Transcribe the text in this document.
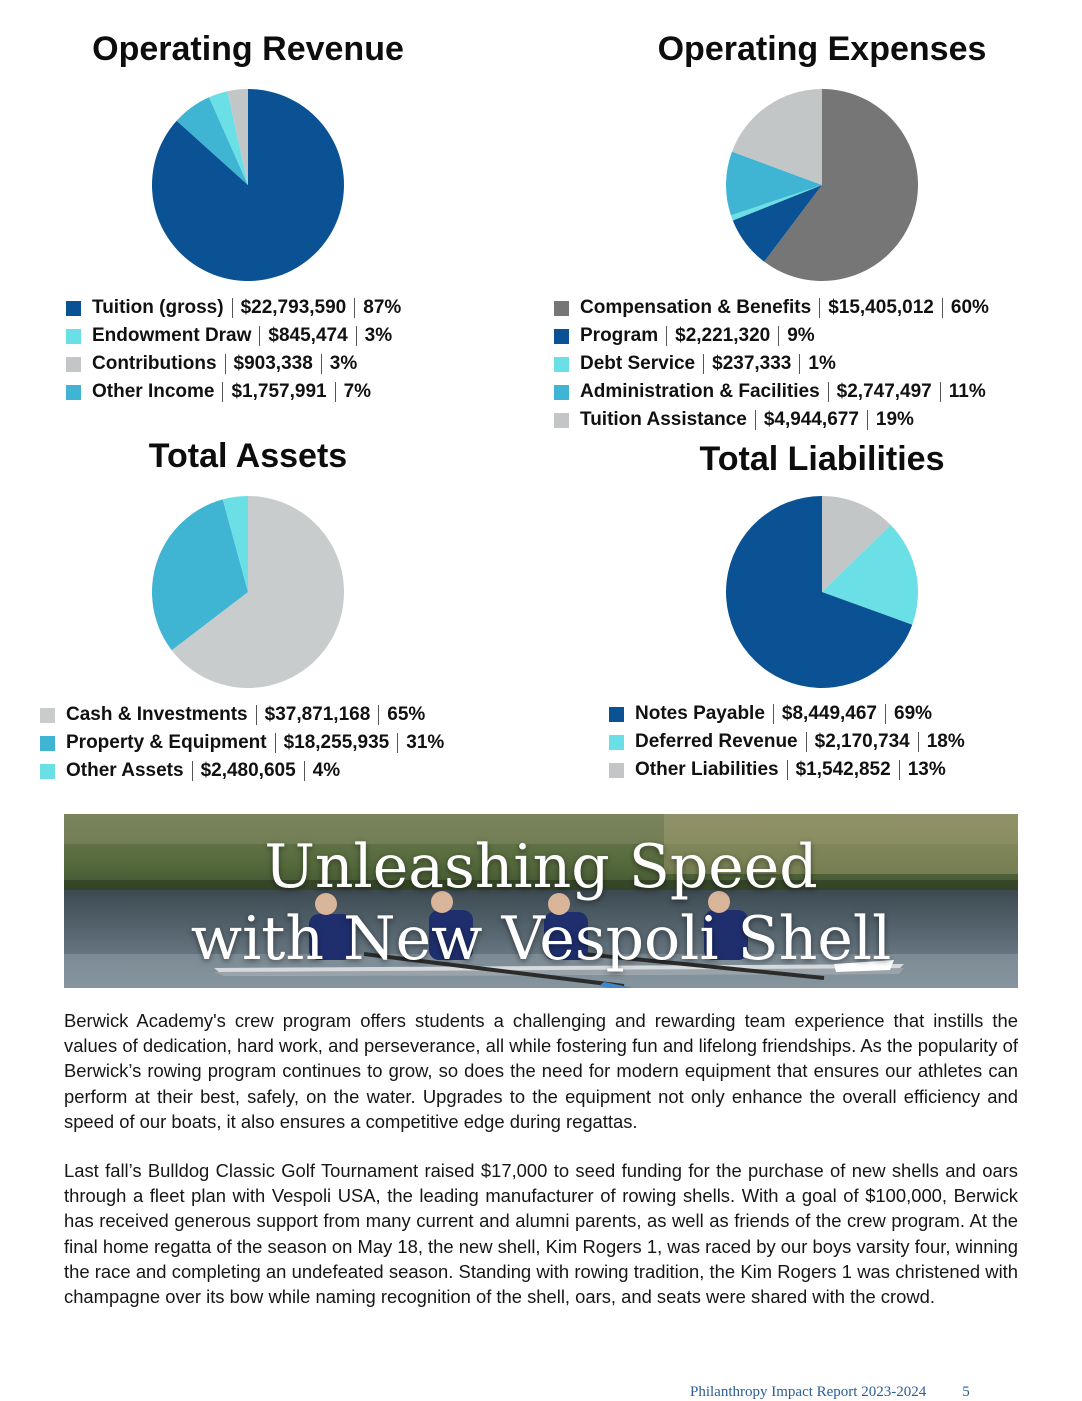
Operating Revenue
Tuition (gross) $22,793,590 87%
Endowment Draw $845,474 3%
Contributions $903,338 3%
Other Income $1,757,991 7%
Operating Expenses
Compensation & Benefits $15,405,012 60%
Program $2,221,320 9%
Debt Service $237,333 1%
Administration & Facilities $2,747,497 11%
Tuition Assistance $4,944,677 19%
Total Assets
Cash & Investments $37,871,168 65%
Property & Equipment $18,255,935 31%
Other Assets $2,480,605 4%
Total Liabilities
Notes Payable $8,449,467 69%
Deferred Revenue $2,170,734 18%
Other Liabilities $1,542,852 13%
Unleashing Speed
with New Vespoli Shell

Berwick Academy's crew program offers students a challenging and rewarding team experience that instills the values of dedication, hard work, and perseverance, all while fostering fun and lifelong friendships. As the popularity of Berwick’s rowing program continues to grow, so does the need for modern equipment that ensures our athletes can perform at their best, safely, on the water. Upgrades to the equipment not only enhance the overall efficiency and speed of our boats, it also ensures a competitive edge during regattas.

Last fall’s Bulldog Classic Golf Tournament raised $17,000 to seed funding for the purchase of new shells and oars through a fleet plan with Vespoli USA, the leading manufacturer of rowing shells. With a goal of $100,000, Berwick has received generous support from many current and alumni parents, as well as friends of the crew program. At the final home regatta of the season on May 18, the new shell, Kim Rogers 1, was raced by our boys varsity four, winning the race and completing an undefeated season. Standing with rowing tradition, the Kim Rogers 1 was christened with champagne over its bow while naming recognition of the shell, oars, and seats were shared with the crowd.

Philanthropy Impact Report 2023-2024 5
